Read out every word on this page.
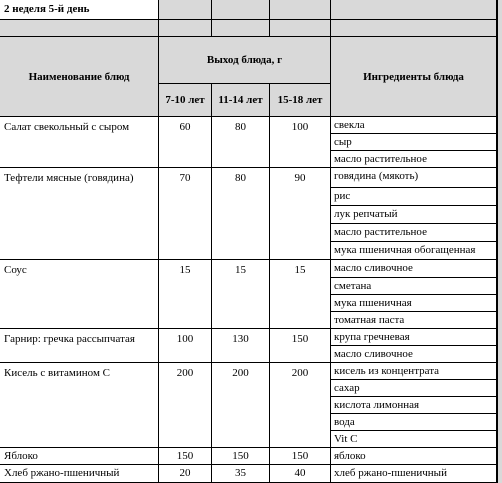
2 неделя 5-й день
Наименование блюд
Выход блюда, г
7-10 лет	11-14 лет	15-18 лет
Ингредиенты блюда
Салат свекольный с сыром	60	80	100	свекла
сыр
масло растительное
Тефтели мясные (говядина)	70	80	90	говядина (мякоть)
рис
лук репчатый
масло растительное
мука пшеничная обогащенная
Соус	15	15	15	масло сливочное
сметана
мука пшеничная
томатная паста
Гарнир: гречка рассыпчатая	100	130	150	крупа гречневая
масло сливочное
Кисель с витамином С	200	200	200	кисель из концентрата
сахар
кислота лимонная
вода
Vit C
Яблоко	150	150	150	яблоко
Хлеб ржано-пшеничный	20	35	40	хлеб ржано-пшеничный
